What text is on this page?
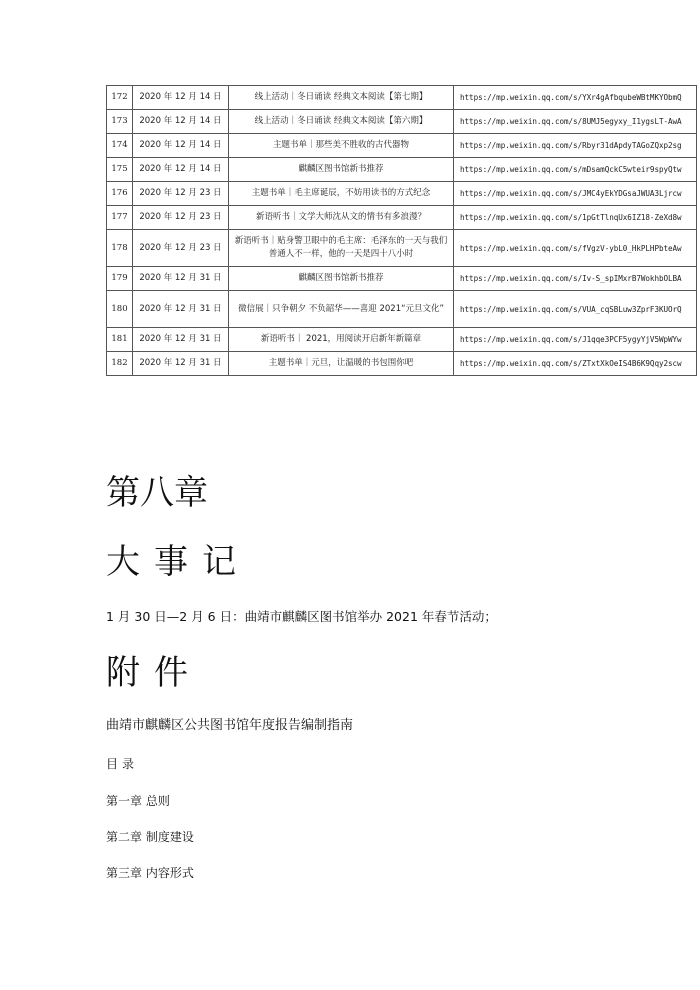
172	2020 年 12 月 14 日	线上活动｜冬日诵读 经典文本阅读【第七期】	https://mp.weixin.qq.com/s/YXr4gAfbqubeWBtMKYObmQ
173	2020 年 12 月 14 日	线上活动｜冬日诵读 经典文本阅读【第六期】	https://mp.weixin.qq.com/s/8UMJ5egyxy_I1ygsLT-AwA
174	2020 年 12 月 14 日	主题书单｜那些美不胜收的古代器物	https://mp.weixin.qq.com/s/Rbyr31dApdyTAGoZQxp2sg
175	2020 年 12 月 14 日	麒麟区图书馆新书推荐	https://mp.weixin.qq.com/s/mDsamQckC5wteir9spyQtw
176	2020 年 12 月 23 日	主题书单｜毛主席诞辰，不妨用读书的方式纪念	https://mp.weixin.qq.com/s/JMC4yEkYDGsaJWUA3Ljrcw
177	2020 年 12 月 23 日	新语听书｜文学大师沈从文的情书有多浪漫？	https://mp.weixin.qq.com/s/1pGtTlnqUx6IZ18-ZeXd8w
178	2020 年 12 月 23 日	新语听书｜贴身警卫眼中的毛主席：毛泽东的一天与我们普通人不一样，他的一天是四十八小时	https://mp.weixin.qq.com/s/fVgzV-ybL0_HkPLHPbteAw
179	2020 年 12 月 31 日	麒麟区图书馆新书推荐	https://mp.weixin.qq.com/s/Iv-S_spIMxrB7WokhbOLBA
180	2020 年 12 月 31 日	微信展｜只争朝夕 不负韶华——喜迎 2021“元旦文化”	https://mp.weixin.qq.com/s/VUA_cqSBLuw3ZprF3KUOrQ
181	2020 年 12 月 31 日	新语听书｜ 2021，用阅读开启新年新篇章	https://mp.weixin.qq.com/s/J1qqe3PCF5ygyYjV5WpWYw
182	2020 年 12 月 31 日	主题书单｜元旦，让温暖的书包围你吧	https://mp.weixin.qq.com/s/ZTxtXkOeIS4B6K9Qqy2scw
第八章
大事记

1 月 30 日—2 月 6 日：曲靖市麒麟区图书馆举办 2021 年春节活动；

附件

曲靖市麒麟区公共图书馆年度报告编制指南

目录

第一章 总则

第二章 制度建设

第三章 内容形式
